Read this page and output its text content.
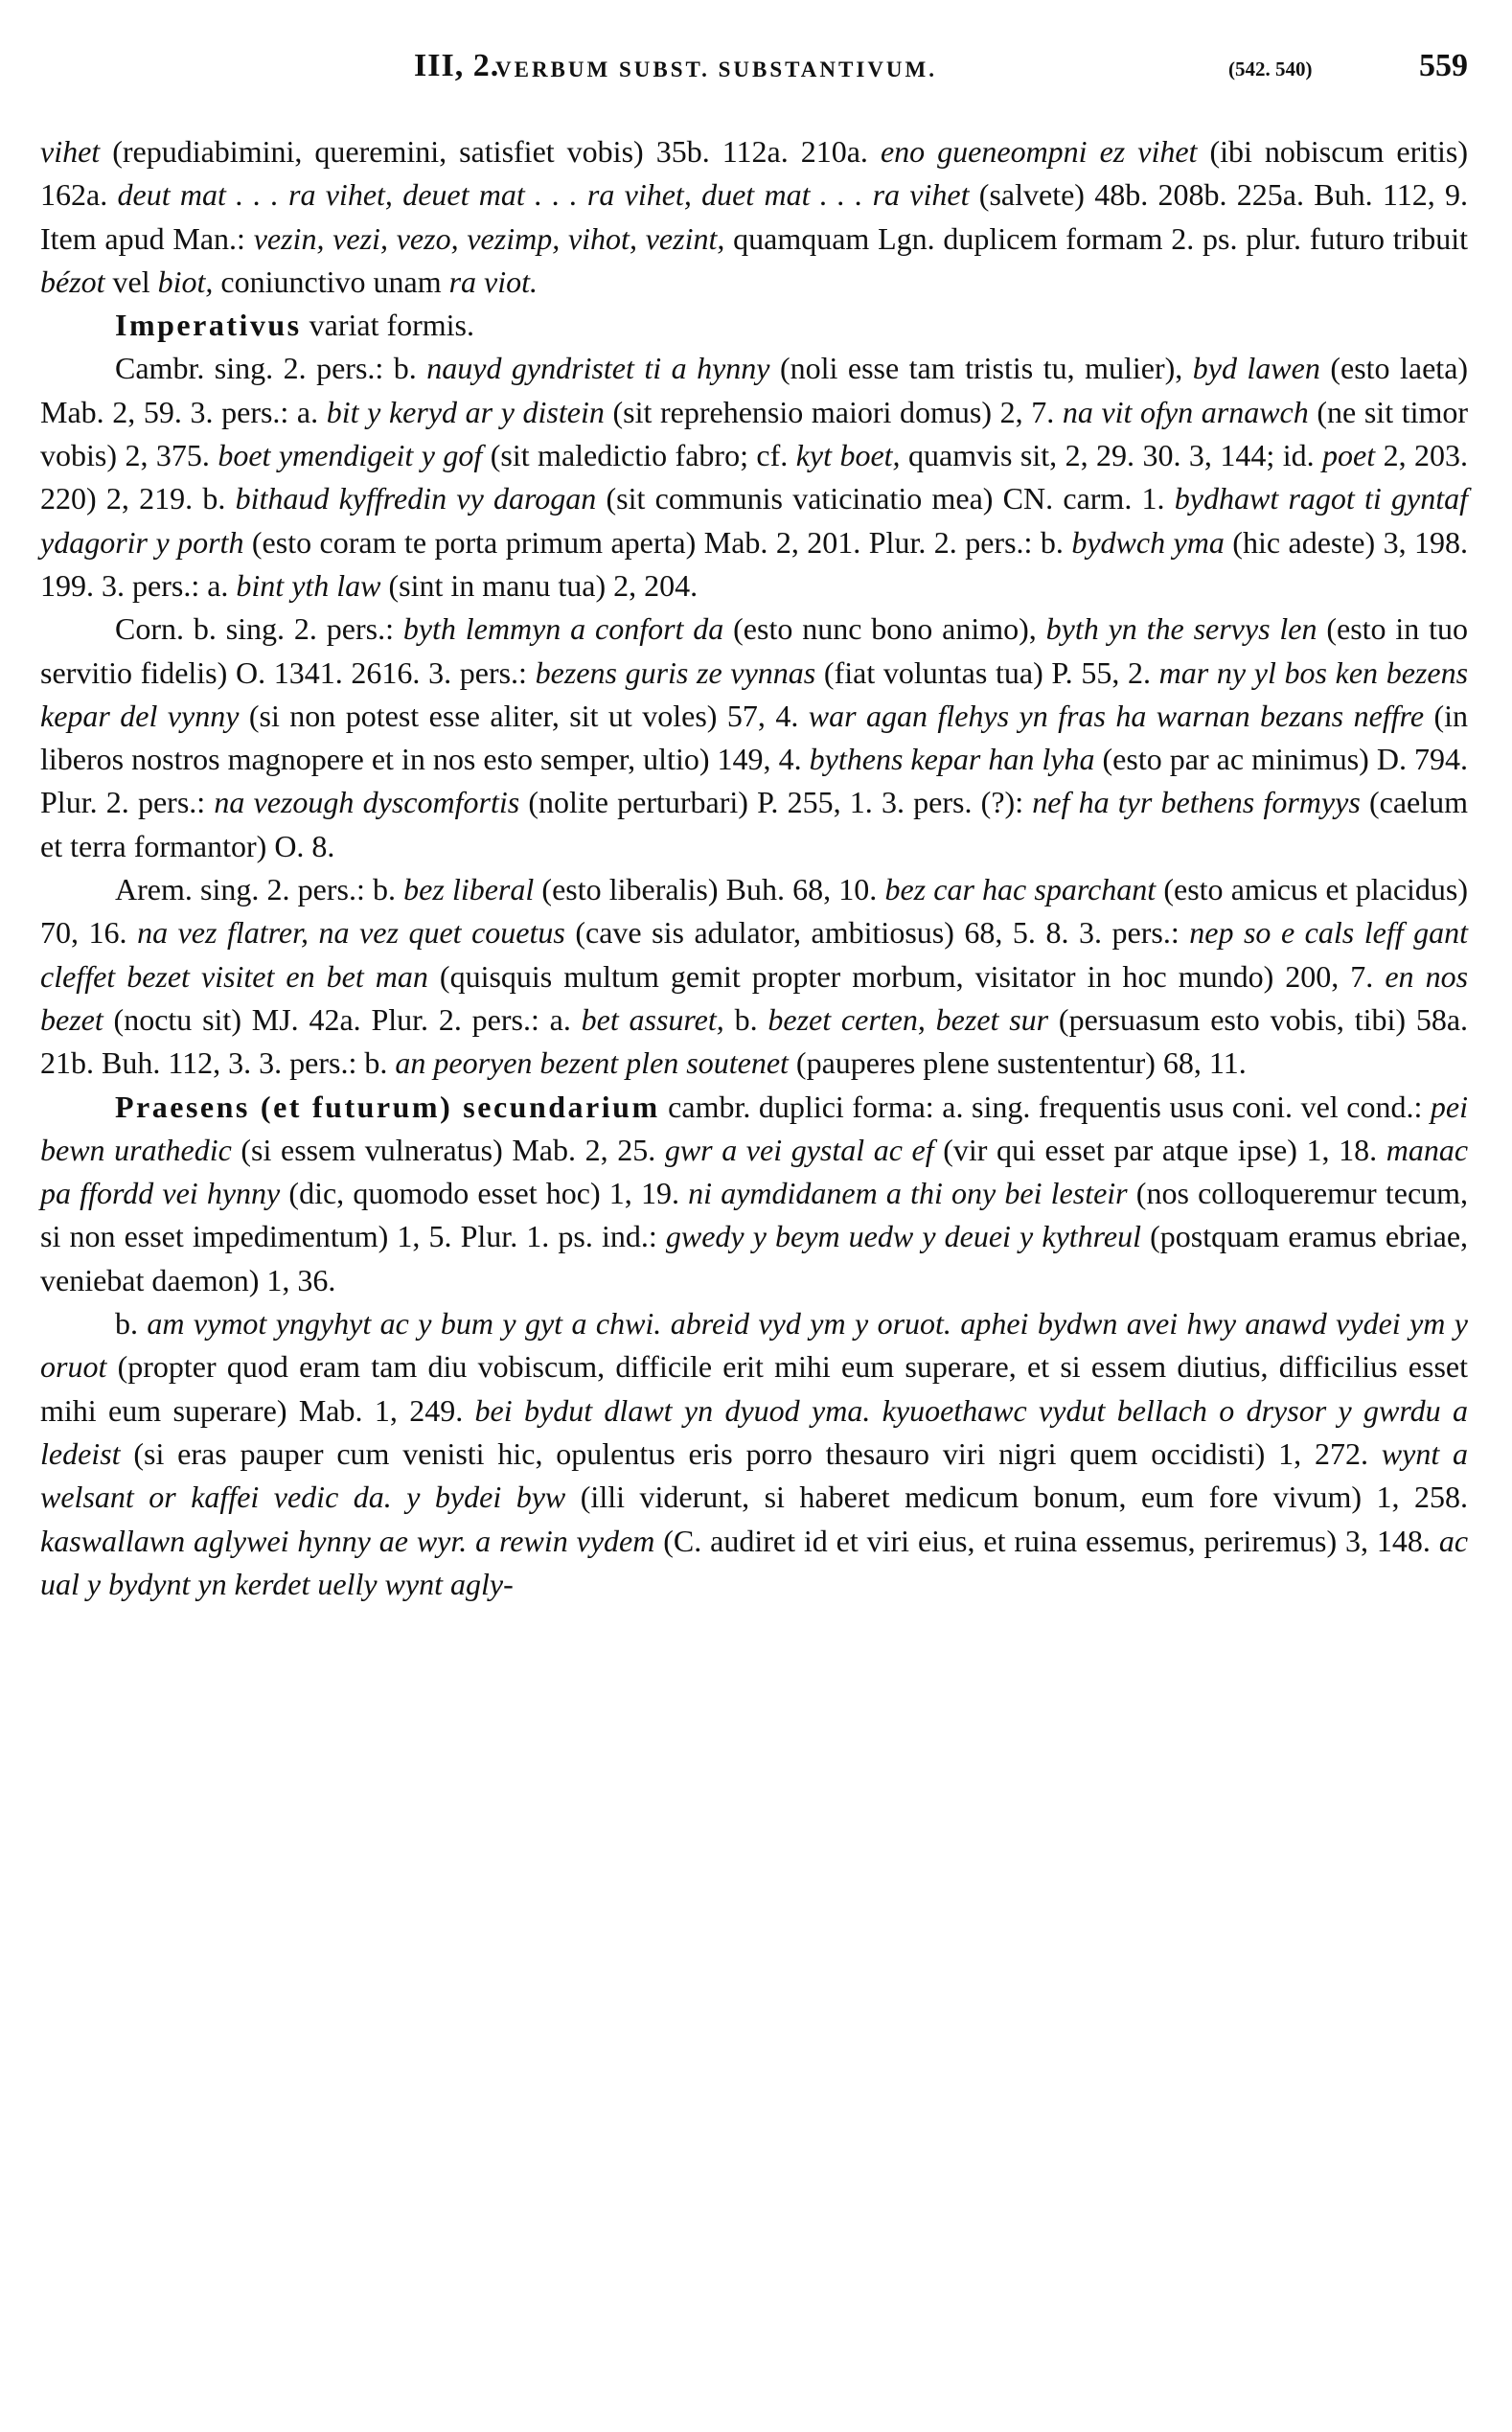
III, 2.
VERBUM SUBST. SUBSTANTIVUM.	(542. 540)	559

vihet (repudiabimini, queremini, satisfiet vobis) 35b. 112a. 210a. eno gueneompni ez vihet (ibi nobiscum eritis) 162a. deut mat . . . ra vihet, deuet mat . . . ra vihet, duet mat . . . ra vihet (salvete) 48b. 208b. 225a. Buh. 112, 9. Item apud Man.: vezin, vezi, vezo, vezimp, vihot, vezint, quamquam Lgn. duplicem formam 2. ps. plur. futuro tribuit bézot vel biot, coniunctivo unam ra viot.

Imperativus variat formis.

Cambr. sing. 2. pers.: b. nauyd gyndristet ti a hynny (noli esse tam tristis tu, mulier), byd lawen (esto laeta) Mab. 2, 59. 3. pers.: a. bit y keryd ar y distein (sit reprehensio maiori domus) 2, 7. na vit ofyn arnawch (ne sit timor vobis) 2, 375. boet ymendigeit y gof (sit maledictio fabro; cf. kyt boet, quamvis sit, 2, 29. 30. 3, 144; id. poet 2, 203. 220) 2, 219. b. bithaud kyffredin vy darogan (sit communis vaticinatio mea) CN. carm. 1. bydhawt ragot ti gyntaf ydagorir y porth (esto coram te porta primum aperta) Mab. 2, 201. Plur. 2. pers.: b. bydwch yma (hic adeste) 3, 198. 199. 3. pers.: a. bint yth law (sint in manu tua) 2, 204.

Corn. b. sing. 2. pers.: byth lemmyn a confort da (esto nunc bono animo), byth yn the servys len (esto in tuo servitio fidelis) O. 1341. 2616. 3. pers.: bezens guris ze vynnas (fiat voluntas tua) P. 55, 2. mar ny yl bos ken bezens kepar del vynny (si non potest esse aliter, sit ut voles) 57, 4. war agan flehys yn fras ha warnan bezans neffre (in liberos nostros magnopere et in nos esto semper, ultio) 149, 4. bythens kepar han lyha (esto par ac minimus) D. 794. Plur. 2. pers.: na vezough dyscomfortis (nolite perturbari) P. 255, 1. 3. pers. (?): nef ha tyr bethens formyys (caelum et terra formantor) O. 8.

Arem. sing. 2. pers.: b. bez liberal (esto liberalis) Buh. 68, 10. bez car hac sparchant (esto amicus et placidus) 70, 16. na vez flatrer, na vez quet couetus (cave sis adulator, ambitiosus) 68, 5. 8. 3. pers.: nep so e cals leff gant cleffet bezet visitet en bet man (quisquis multum gemit propter morbum, visitator in hoc mundo) 200, 7. en nos bezet (noctu sit) MJ. 42a. Plur. 2. pers.: a. bet assuret, b. bezet certen, bezet sur (persuasum esto vobis, tibi) 58a. 21b. Buh. 112, 3. 3. pers.: b. an peoryen bezent plen soutenet (pauperes plene sustententur) 68, 11.

Praesens (et futurum) secundarium cambr. duplici forma: a. sing. frequentis usus coni. vel cond.: pei bewn urathedic (si essem vulneratus) Mab. 2, 25. gwr a vei gystal ac ef (vir qui esset par atque ipse) 1, 18. manac pa ffordd vei hynny (dic, quomodo esset hoc) 1, 19. ni aymdidanem a thi ony bei lesteir (nos colloqueremur tecum, si non esset impedimentum) 1, 5. Plur. 1. ps. ind.: gwedy y beym uedw y deuei y kythreul (postquam eramus ebriae, veniebat daemon) 1, 36.

b. am vymot yngyhyt ac y bum y gyt a chwi. abreid vyd ym y oruot. aphei bydwn avei hwy anawd vydei ym y oruot (propter quod eram tam diu vobiscum, difficile erit mihi eum superare, et si essem diutius, difficilius esset mihi eum superare) Mab. 1, 249. bei bydut dlawt yn dyuod yma. kyuoethawc vydut bellach o drysor y gwrdu a ledeist (si eras pauper cum venisti hic, opulentus eris porro thesauro viri nigri quem occidisti) 1, 272. wynt a welsant or kaffei vedic da. y bydei byw (illi viderunt, si haberet medicum bonum, eum fore vivum) 1, 258. kaswallawn aglywei hynny ae wyr. a rewin vydem (C. audiret id et viri eius, et ruina essemus, periremus) 3, 148. ac ual y bydynt yn kerdet uelly wynt agly-
